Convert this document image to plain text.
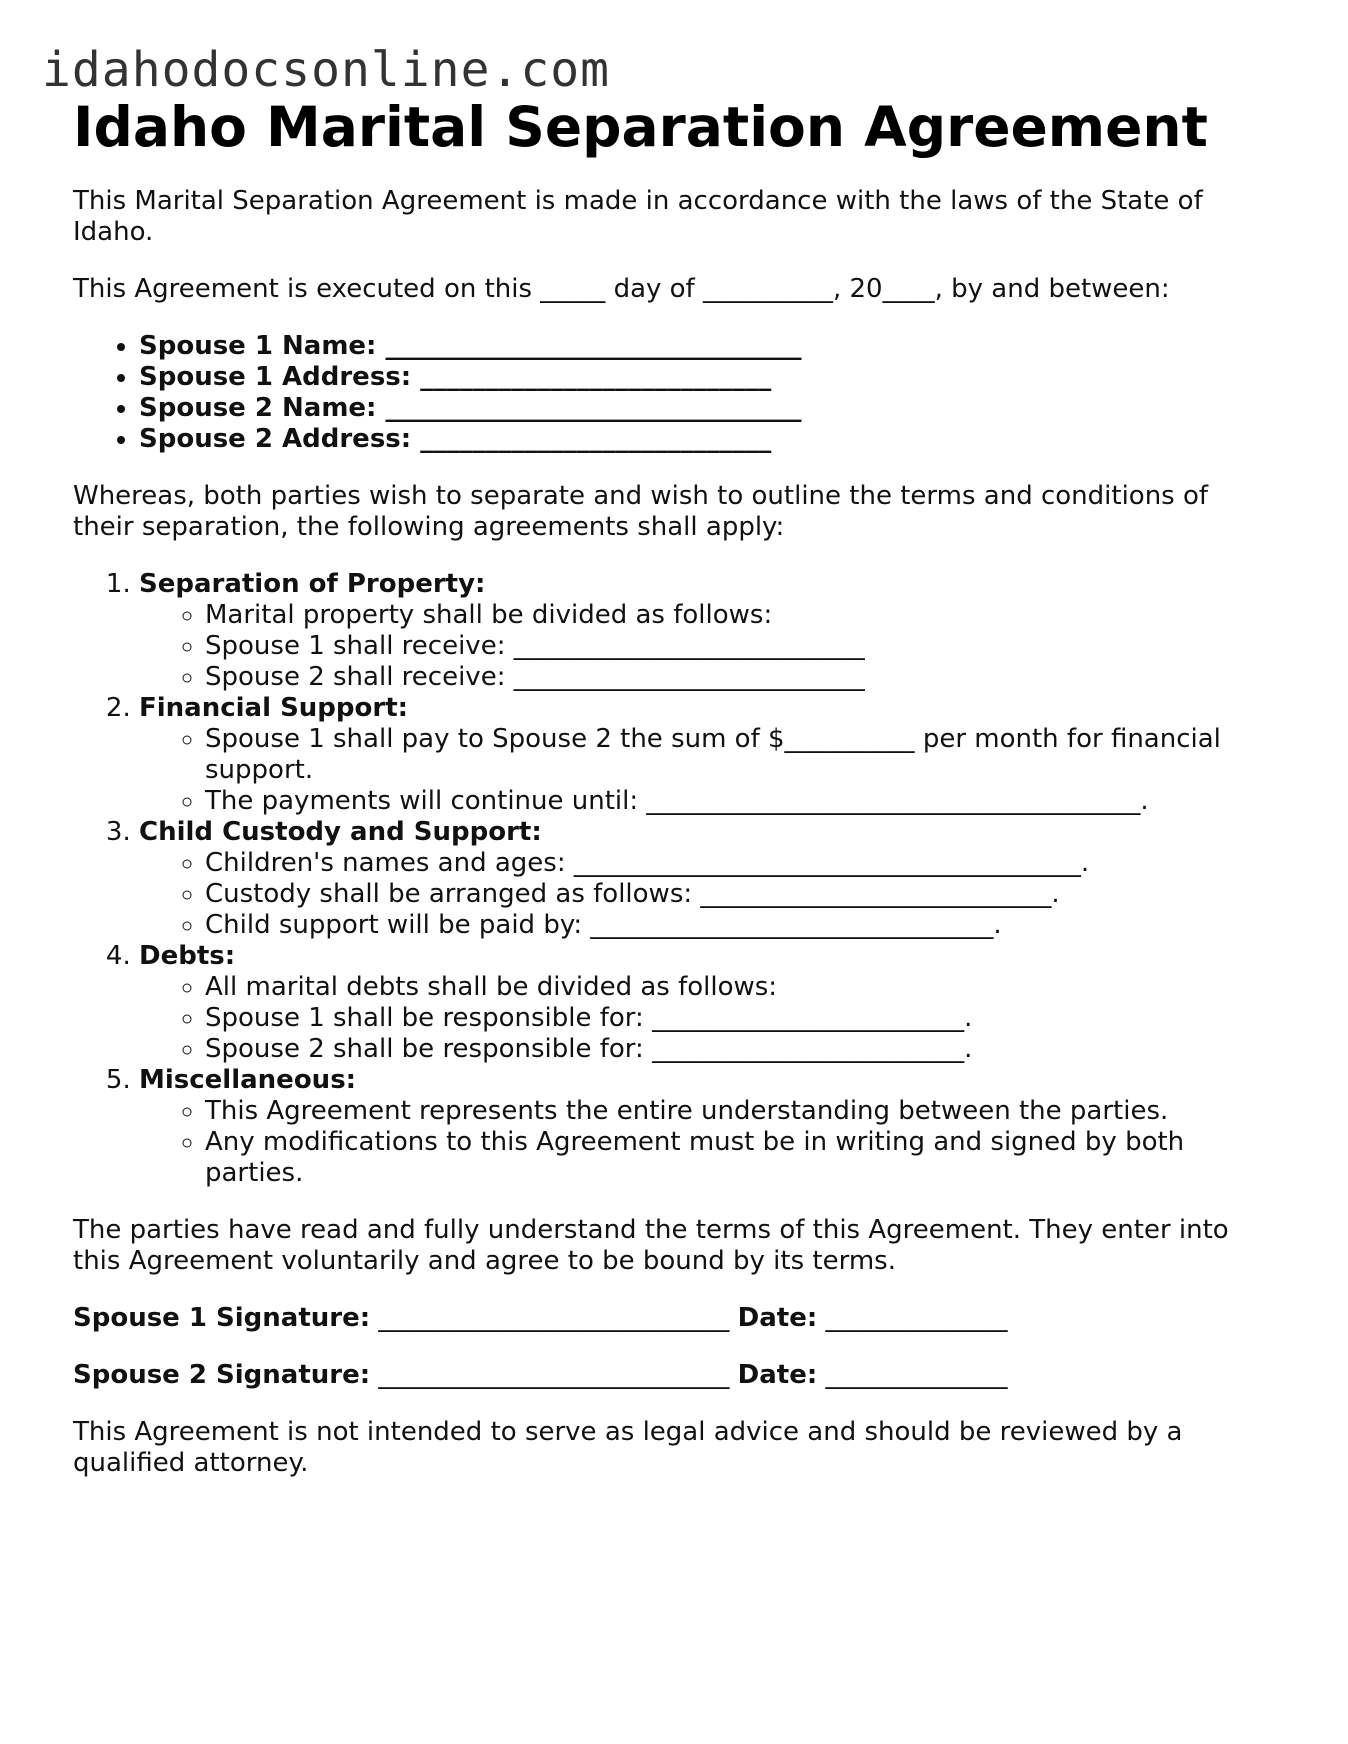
idahodocsonline.com
Idaho Marital Separation Agreement

This Marital Separation Agreement is made in accordance with the laws of the State of Idaho.

This Agreement is executed on this _____ day of __________, 20____, by and between:

• Spouse 1 Name: ________________________________
• Spouse 1 Address: ___________________________
• Spouse 2 Name: ________________________________
• Spouse 2 Address: ___________________________

Whereas, both parties wish to separate and wish to outline the terms and conditions of their separation, the following agreements shall apply:

1. Separation of Property:
◦ Marital property shall be divided as follows:
◦ Spouse 1 shall receive: ___________________________
◦ Spouse 2 shall receive: ___________________________
2. Financial Support:
◦ Spouse 1 shall pay to Spouse 2 the sum of $__________ per month for financial support.
◦ The payments will continue until: ______________________________________.
3. Child Custody and Support:
◦ Children's names and ages: _______________________________________.
◦ Custody shall be arranged as follows: ___________________________.
◦ Child support will be paid by: _______________________________.
4. Debts:
◦ All marital debts shall be divided as follows:
◦ Spouse 1 shall be responsible for: ________________________.
◦ Spouse 2 shall be responsible for: ________________________.
5. Miscellaneous:
◦ This Agreement represents the entire understanding between the parties.
◦ Any modifications to this Agreement must be in writing and signed by both parties.

The parties have read and fully understand the terms of this Agreement. They enter into this Agreement voluntarily and agree to be bound by its terms.

Spouse 1 Signature: ___________________________ Date: ______________

Spouse 2 Signature: ___________________________ Date: ______________

This Agreement is not intended to serve as legal advice and should be reviewed by a qualified attorney.
